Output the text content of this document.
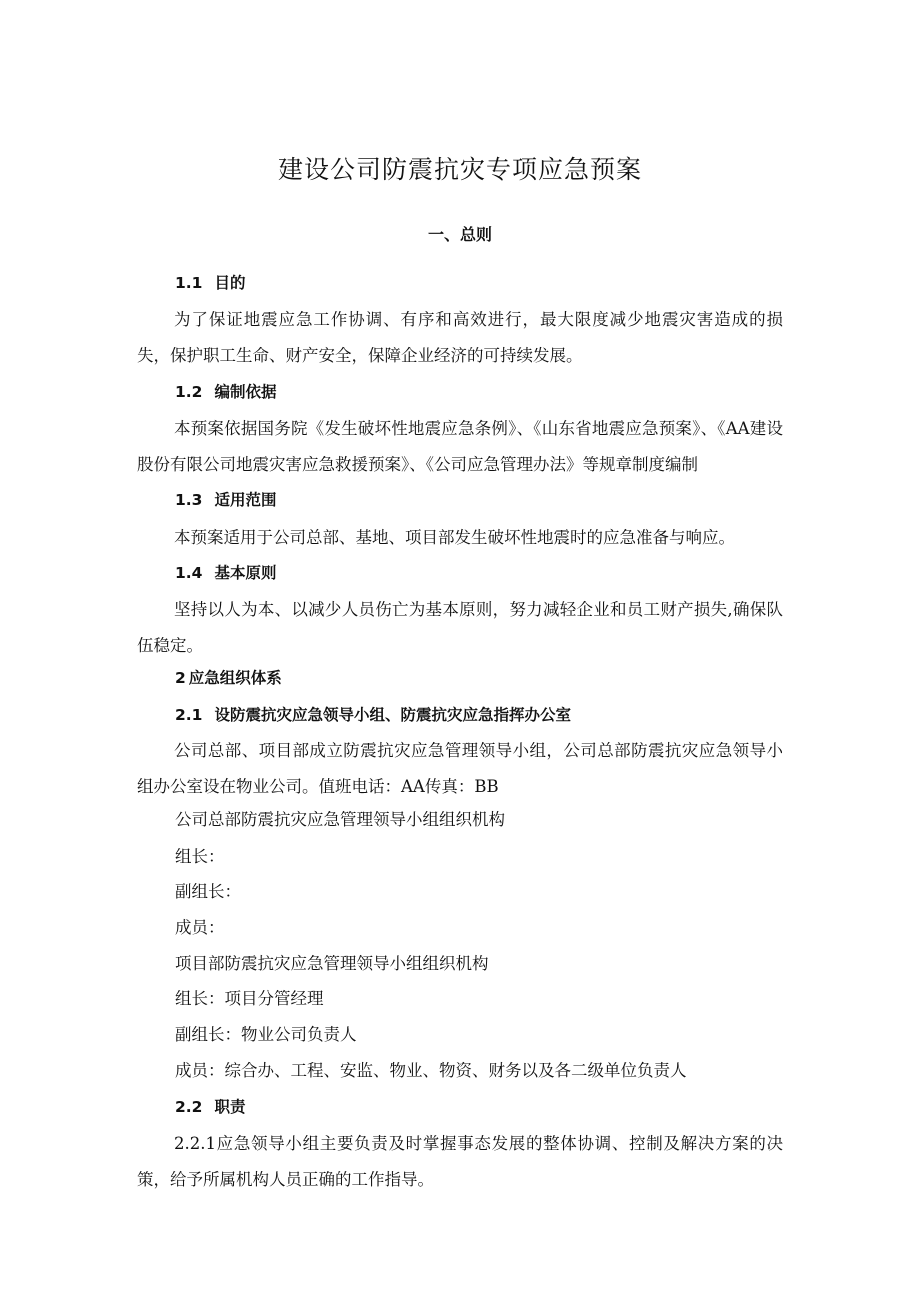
建设公司防震抗灾专项应急预案
一、总则
1.1 目的
为了保证地震应急工作协调、有序和高效进行，最大限度减少地震灾害造成的损失，保护职工生命、财产安全，保障企业经济的可持续发展。
1.2 编制依据
本预案依据国务院《发生破坏性地震应急条例》、《山东省地震应急预案》、《AA建设股份有限公司地震灾害应急救援预案》、《公司应急管理办法》等规章制度编制
1.3 适用范围
本预案适用于公司总部、基地、项目部发生破坏性地震时的应急准备与响应。
1.4 基本原则
坚持以人为本、以减少人员伤亡为基本原则，努力减轻企业和员工财产损失,确保队伍稳定。
2 应急组织体系
2.1 设防震抗灾应急领导小组、防震抗灾应急指挥办公室
公司总部、项目部成立防震抗灾应急管理领导小组，公司总部防震抗灾应急领导小组办公室设在物业公司。值班电话：AA传真：BB
公司总部防震抗灾应急管理领导小组组织机构
组长：
副组长：
成员：
项目部防震抗灾应急管理领导小组组织机构
组长：项目分管经理
副组长：物业公司负责人
成员：综合办、工程、安监、物业、物资、财务以及各二级单位负责人
2.2 职责
2.2.1应急领导小组主要负责及时掌握事态发展的整体协调、控制及解决方案的决策，给予所属机构人员正确的工作指导。
